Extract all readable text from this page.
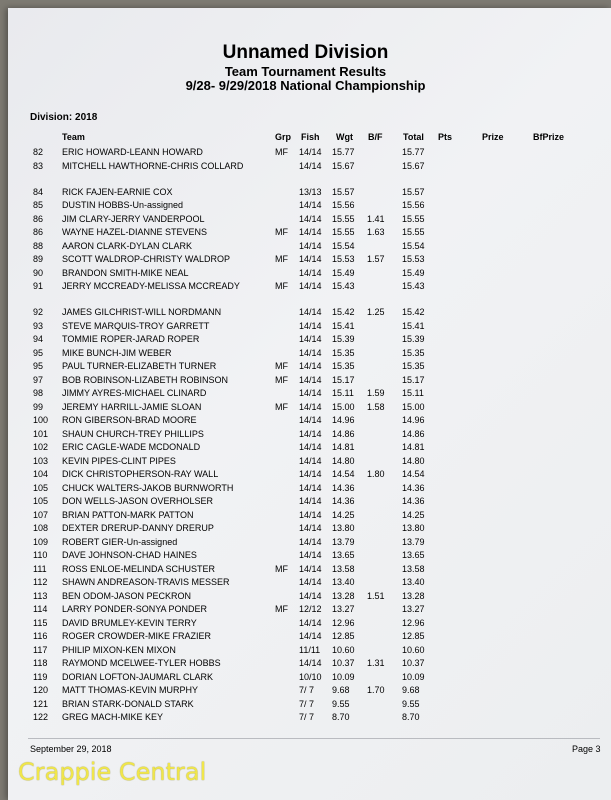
Unnamed Division
Team Tournament Results
9/28- 9/29/2018 National Championship
Division: 2018
Team	Grp Fish Wgt B/F Total Pts	Prize	BfPrize
82 ERIC HOWARD-LEANN HOWARD	MF 14/14 15.77	15.77
83 MITCHELL HAWTHORNE-CHRIS COLLARD	14/14 15.67	15.67
84 RICK FAJEN-EARNIE COX	13/13 15.57	15.57
85 DUSTIN HOBBS-Un-assigned	14/14 15.56	15.56
86 JIM CLARY-JERRY VANDERPOOL	14/14 15.55 1.41 15.55
86 WAYNE HAZEL-DIANNE STEVENS	MF 14/14 15.55 1.63 15.55
88 AARON CLARK-DYLAN CLARK	14/14 15.54	15.54
89 SCOTT WALDROP-CHRISTY WALDROP	MF 14/14 15.53 1.57 15.53
90 BRANDON SMITH-MIKE NEAL	14/14 15.49	15.49
91 JERRY MCCREADY-MELISSA MCCREADY	MF 14/14 15.43	15.43
92 JAMES GILCHRIST-WILL NORDMANN	14/14 15.42 1.25 15.42
93 STEVE MARQUIS-TROY GARRETT	14/14 15.41	15.41
94 TOMMIE ROPER-JARAD ROPER	14/14 15.39	15.39
95 MIKE BUNCH-JIM WEBER	14/14 15.35	15.35
95 PAUL TURNER-ELIZABETH TURNER	MF 14/14 15.35	15.35
97 BOB ROBINSON-LIZABETH ROBINSON	MF 14/14 15.17	15.17
98 JIMMY AYRES-MICHAEL CLINARD	14/14 15.11 1.59 15.11
99 JEREMY HARRILL-JAMIE SLOAN	MF 14/14 15.00 1.58 15.00
100 RON GIBERSON-BRAD MOORE	14/14 14.96	14.96
101 SHAUN CHURCH-TREY PHILLIPS	14/14 14.86	14.86
102 ERIC CAGLE-WADE MCDONALD	14/14 14.81	14.81
103 KEVIN PIPES-CLINT PIPES	14/14 14.80	14.80
104 DICK CHRISTOPHERSON-RAY WALL	14/14 14.54 1.80 14.54
105 CHUCK WALTERS-JAKOB BURNWORTH	14/14 14.36	14.36
105 DON WELLS-JASON OVERHOLSER	14/14 14.36	14.36
107 BRIAN PATTON-MARK PATTON	14/14 14.25	14.25
108 DEXTER DRERUP-DANNY DRERUP	14/14 13.80	13.80
109 ROBERT GIER-Un-assigned	14/14 13.79	13.79
110 DAVE JOHNSON-CHAD HAINES	14/14 13.65	13.65
111 ROSS ENLOE-MELINDA SCHUSTER	MF 14/14 13.58	13.58
112 SHAWN ANDREASON-TRAVIS MESSER	14/14 13.40	13.40
113 BEN ODOM-JASON PECKRON	14/14 13.28 1.51 13.28
114 LARRY PONDER-SONYA PONDER	MF 12/12 13.27	13.27
115 DAVID BRUMLEY-KEVIN TERRY	14/14 12.96	12.96
116 ROGER CROWDER-MIKE FRAZIER	14/14 12.85	12.85
117 PHILIP MIXON-KEN MIXON	11/11 10.60	10.60
118 RAYMOND MCELWEE-TYLER HOBBS	14/14 10.37 1.31 10.37
119 DORIAN LOFTON-JAUMARL CLARK	10/10 10.09	10.09
120 MATT THOMAS-KEVIN MURPHY	7/ 7 9.68 1.70 9.68
121 BRIAN STARK-DONALD STARK	7/ 7 9.55	9.55
122 GREG MACH-MIKE KEY	7/ 7 8.70	8.70
September 29, 2018	Page 3
Crappie Central
